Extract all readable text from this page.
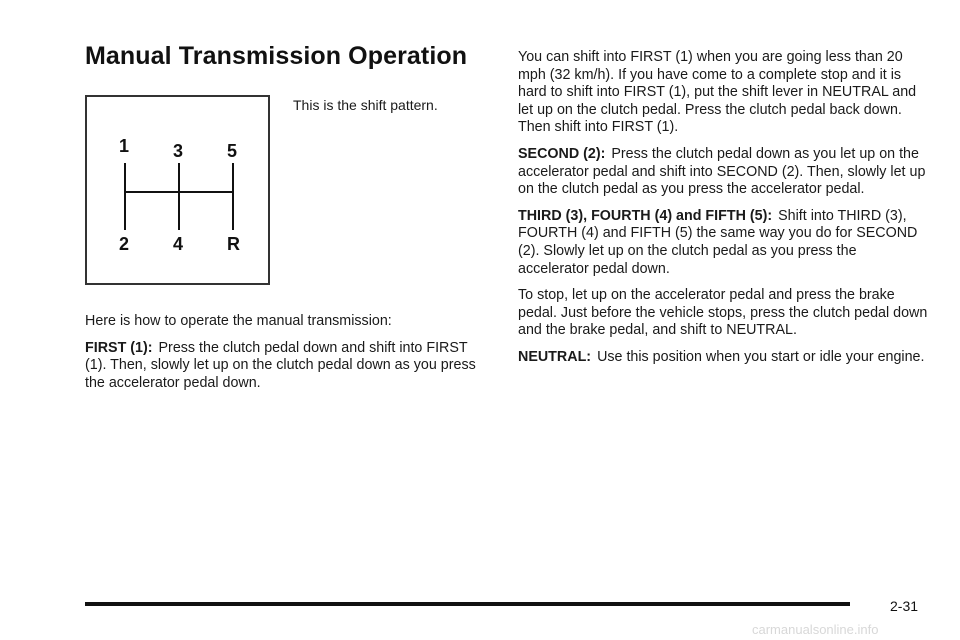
Manual Transmission Operation
1 3 5
2 4 R

This is the shift pattern.

Here is how to operate the manual transmission:

FIRST (1): Press the clutch pedal down and shift into FIRST (1). Then, slowly let up on the clutch pedal down as you press the accelerator pedal down.

You can shift into FIRST (1) when you are going less than 20 mph (32 km/h). If you have come to a complete stop and it is hard to shift into FIRST (1), put the shift lever in NEUTRAL and let up on the clutch pedal. Press the clutch pedal back down. Then shift into FIRST (1).

SECOND (2): Press the clutch pedal down as you let up on the accelerator pedal and shift into SECOND (2). Then, slowly let up on the clutch pedal as you press the accelerator pedal.

THIRD (3), FOURTH (4) and FIFTH (5): Shift into THIRD (3), FOURTH (4) and FIFTH (5) the same way you do for SECOND (2). Slowly let up on the clutch pedal as you press the accelerator pedal down.

To stop, let up on the accelerator pedal and press the brake pedal. Just before the vehicle stops, press the clutch pedal down and the brake pedal, and shift to NEUTRAL.

NEUTRAL: Use this position when you start or idle your engine.

2-31
carmanualsonline.info
